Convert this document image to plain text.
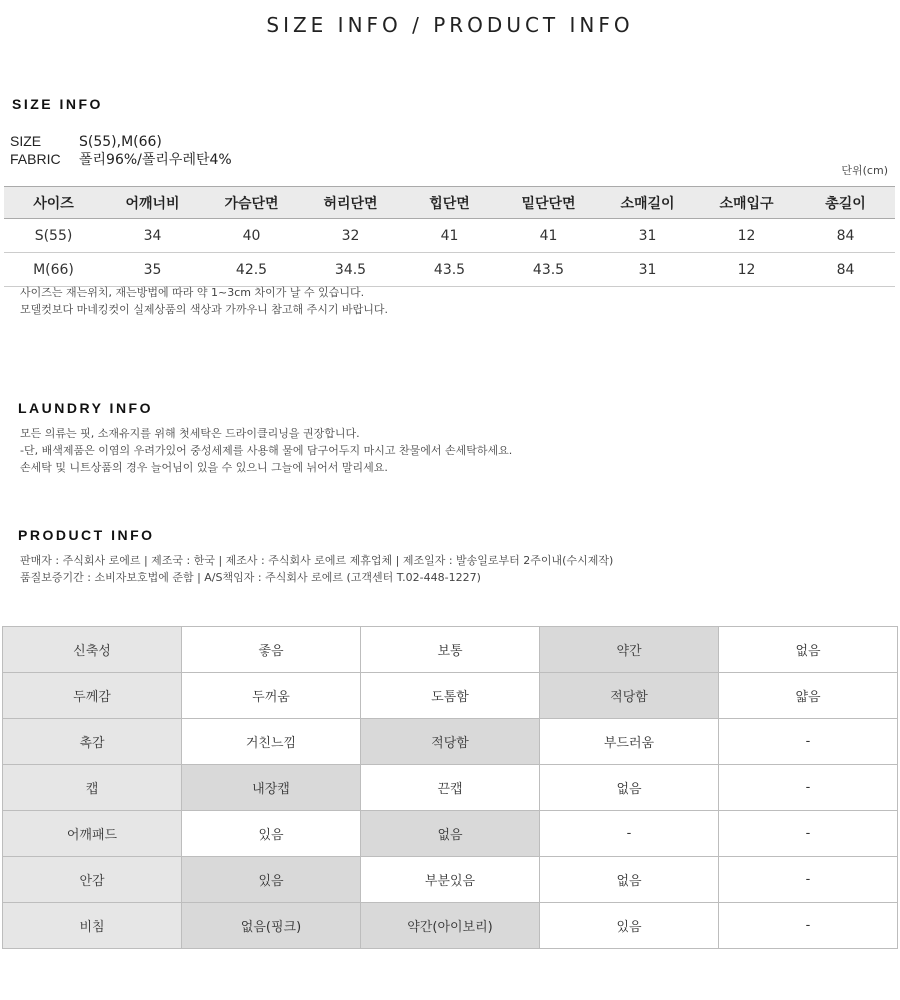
SIZE INFO / PRODUCT INFO
SIZE INFO
SIZE	S(55),M(66)
FABRIC 폴리96%/폴리우레탄4%
단위(cm)
사이즈	어깨너비	가슴단면	허리단면	힙단면	밑단단면	소매길이	소매입구	총길이
S(55)	34	40	32	41	41	31	12	84
M(66)	35	42.5	34.5	43.5	43.5	31	12	84
사이즈는 재는위치, 재는방법에 따라 약 1~3cm 차이가 날 수 있습니다.
모델컷보다 마네킹컷이 실제상품의 색상과 가까우니 참고해 주시기 바랍니다.
LAUNDRY INFO
모든 의류는 핏, 소재유지를 위해 첫세탁은 드라이클리닝을 권장합니다.
-단, 배색제품은 이염의 우려가있어 중성세제를 사용해 물에 담구어두지 마시고 찬물에서 손세탁하세요.
손세탁 및 니트상품의 경우 늘어님이 있을 수 있으니 그늘에 뉘어서 말리세요.
PRODUCT INFO
판매자 : 주식회사 로에르 | 제조국 : 한국 | 제조사 : 주식회사 로에르 제휴업체 | 제조일자 : 발송일로부터 2주이내(수시제작)
품질보증기간 : 소비자보호법에 준함 | A/S책임자 : 주식회사 로에르 (고객센터 T.02-448-1227)
신축성	좋음	보통	약간	없음
두께감	두꺼움	도톰함	적당함	얇음
촉감	거친느낌	적당함	부드러움	-
캡	내장캡	끈캡	없음	-
어깨패드	있음	없음	-	-
안감	있음	부분있음	없음	-
비침	없음(핑크)	약간(아이보리)	있음	-
